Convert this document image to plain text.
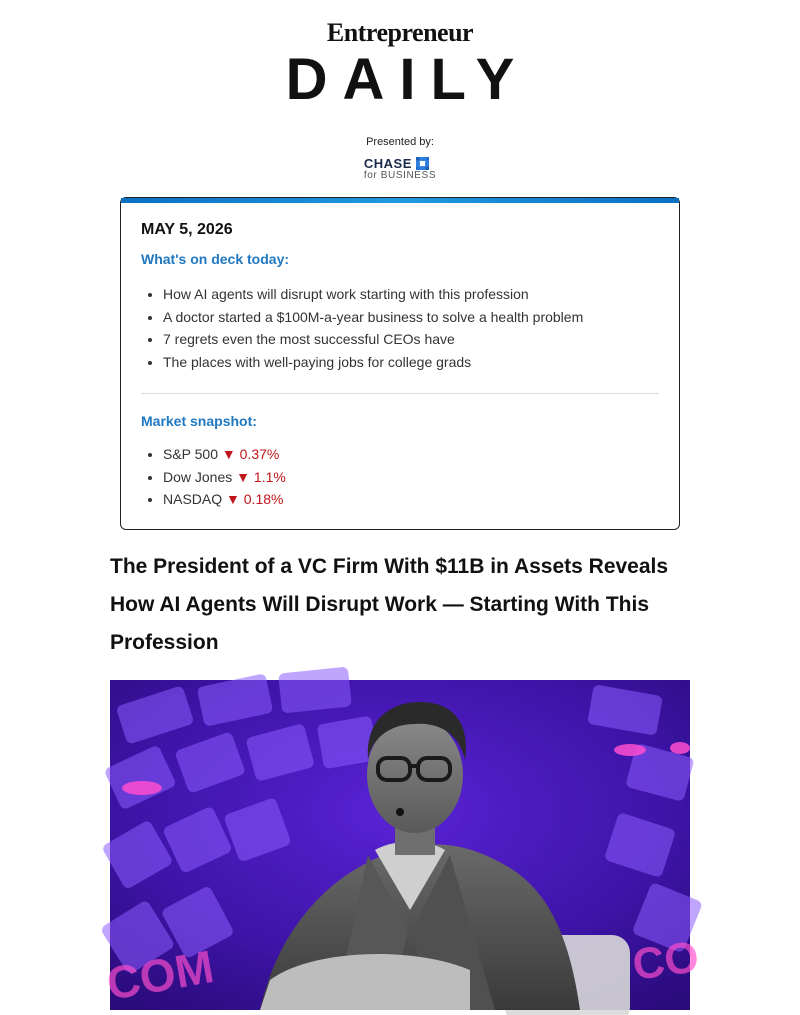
Entrepreneur
DAILY
Presented by:
CHASE
for BUSINESS
MAY 5, 2026
What's on deck today:
• How AI agents will disrupt work starting with this profession
• A doctor started a $100M-a-year business to solve a health problem
• 7 regrets even the most successful CEOs have
• The places with well-paying jobs for college grads
Market snapshot:
• S&P 500 ▼ 0.37%
• Dow Jones ▼ 1.1%
• NASDAQ ▼ 0.18%
The President of a VC Firm With $11B in Assets Reveals How AI Agents Will Disrupt Work — Starting With This Profession
COM	CO
